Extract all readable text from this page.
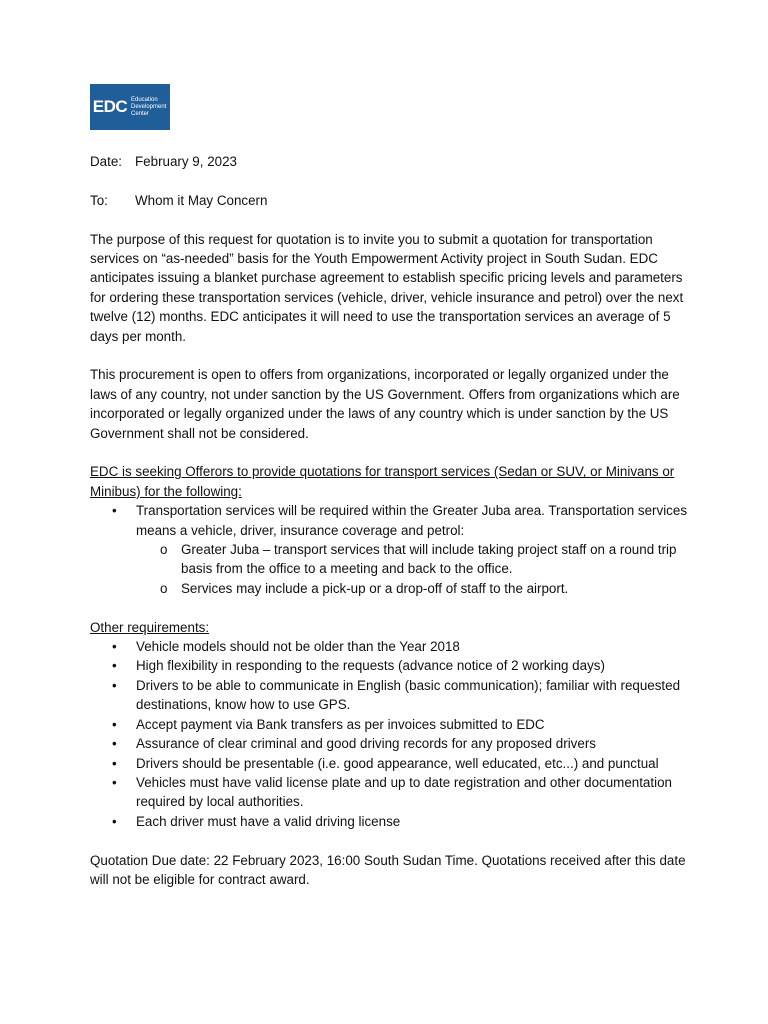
EDC Education
Development
Center
Date: February 9, 2023
To:	Whom it May Concern

The purpose of this request for quotation is to invite you to submit a quotation for transportation services on “as-needed” basis for the Youth Empowerment Activity project in South Sudan. EDC anticipates issuing a blanket purchase agreement to establish specific pricing levels and parameters for ordering these transportation services (vehicle, driver, vehicle insurance and petrol) over the next twelve (12) months. EDC anticipates it will need to use the transportation services an average of 5 days per month.

This procurement is open to offers from organizations, incorporated or legally organized under the laws of any country, not under sanction by the US Government. Offers from organizations which are incorporated or legally organized under the laws of any country which is under sanction by the US Government shall not be considered.

EDC is seeking Offerors to provide quotations for transport services (Sedan or SUV, or Minivans or Minibus) for the following:

• Transportation services will be required within the Greater Juba area. Transportation services means a vehicle, driver, insurance coverage and petrol:
o Greater Juba – transport services that will include taking project staff on a round trip basis from the office to a meeting and back to the office.
o Services may include a pick-up or a drop-off of staff to the airport.

Other requirements:

• Vehicle models should not be older than the Year 2018
• High flexibility in responding to the requests (advance notice of 2 working days)
• Drivers to be able to communicate in English (basic communication); familiar with requested destinations, know how to use GPS.
• Accept payment via Bank transfers as per invoices submitted to EDC
• Assurance of clear criminal and good driving records for any proposed drivers
• Drivers should be presentable (i.e. good appearance, well educated, etc...) and punctual
• Vehicles must have valid license plate and up to date registration and other documentation required by local authorities.
• Each driver must have a valid driving license

Quotation Due date: 22 February 2023, 16:00 South Sudan Time. Quotations received after this date will not be eligible for contract award.
